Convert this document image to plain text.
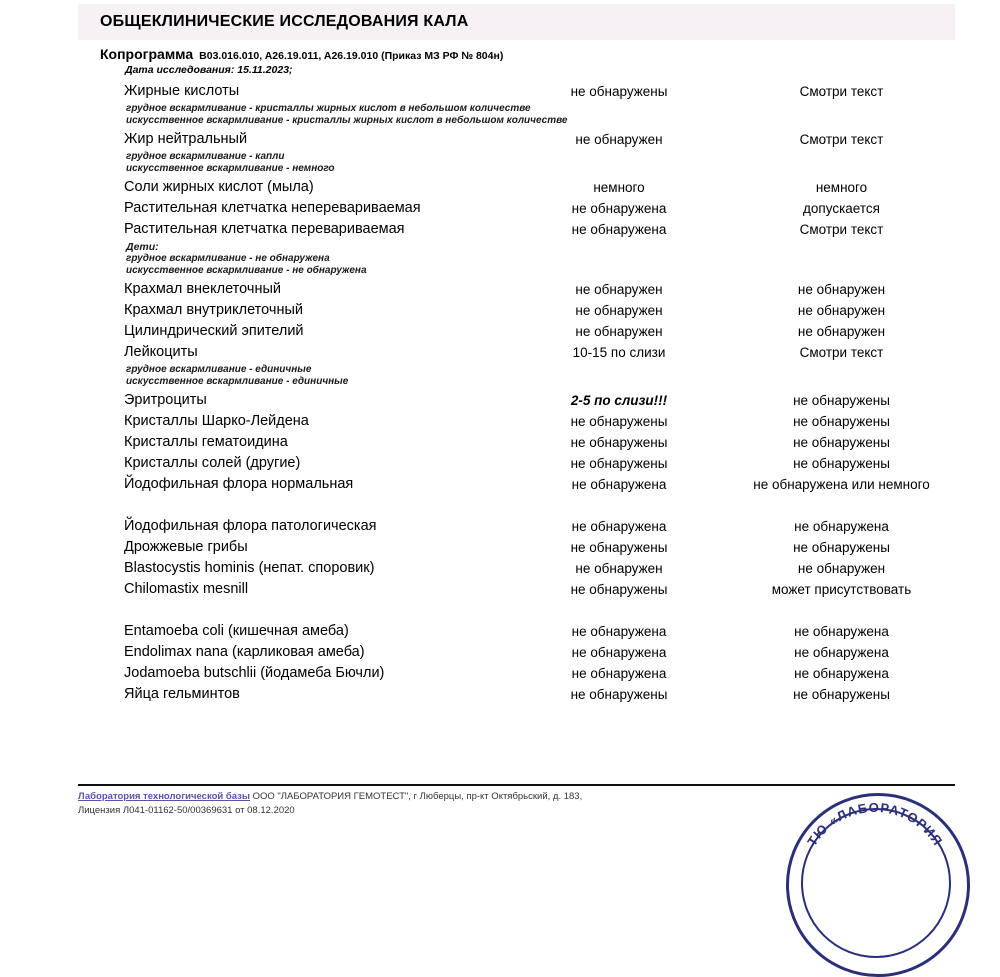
ОБЩЕКЛИНИЧЕСКИЕ ИССЛЕДОВАНИЯ КАЛА
Копрограмма B03.016.010, A26.19.011, A26.19.010 (Приказ МЗ РФ № 804н)
Дата исследования: 15.11.2023;
Жирные кислоты	не обнаружены	Смотри текст
грудное вскармливание - кристаллы жирных кислот в небольшом количестве
искусственное вскармливание - кристаллы жирных кислот в небольшом количестве
Жир нейтральный	не обнаружен	Смотри текст
грудное вскармливание - капли
искусственное вскармливание - немного
Соли жирных кислот (мыла)	немного	немного
Растительная клетчатка неперевариваемая	не обнаружена	допускается
Растительная клетчатка перевариваемая	не обнаружена	Смотри текст
Дети:
грудное вскармливание - не обнаружена
искусственное вскармливание - не обнаружена
Крахмал внеклеточный	не обнаружен	не обнаружен
Крахмал внутриклеточный	не обнаружен	не обнаружен
Цилиндрический эпителий	не обнаружен	не обнаружен
Лейкоциты	10-15 по слизи	Смотри текст
грудное вскармливание - единичные
искусственное вскармливание - единичные
Эритроциты	2-5 по слизи!!!	не обнаружены
Кристаллы Шарко-Лейдена	не обнаружены	не обнаружены
Кристаллы гематоидина	не обнаружены	не обнаружены
Кристаллы солей (другие)	не обнаружены	не обнаружены
Йодофильная флора нормальная	не обнаружена	не обнаружена или немного
Йодофильная флора патологическая	не обнаружена	не обнаружена
Дрожжевые грибы	не обнаружены	не обнаружены
Blastocystis hominis (непат. споровик)	не обнаружен	не обнаружен
Chilomastix mesnill	не обнаружены	может присутствовать
Entamoeba coli (кишечная амеба)	не обнаружена	не обнаружена
Endolimax nana (карликовая амеба)	не обнаружена	не обнаружена
Jodamoeba butschlii (йодамеба Бючли)	не обнаружена	не обнаружена
Яйца гельминтов	не обнаружены	не обнаружены
Лаборатория технологической базы ООО "ЛАБОРАТОРИЯ ГЕМОТЕСТ", г Люберцы, пр-кт Октябрьский, д. 183,
Лицензия Л041-01162-50/00369631 от 08.12.2020
ТЮ «ЛАБОРАТОРИЯ
